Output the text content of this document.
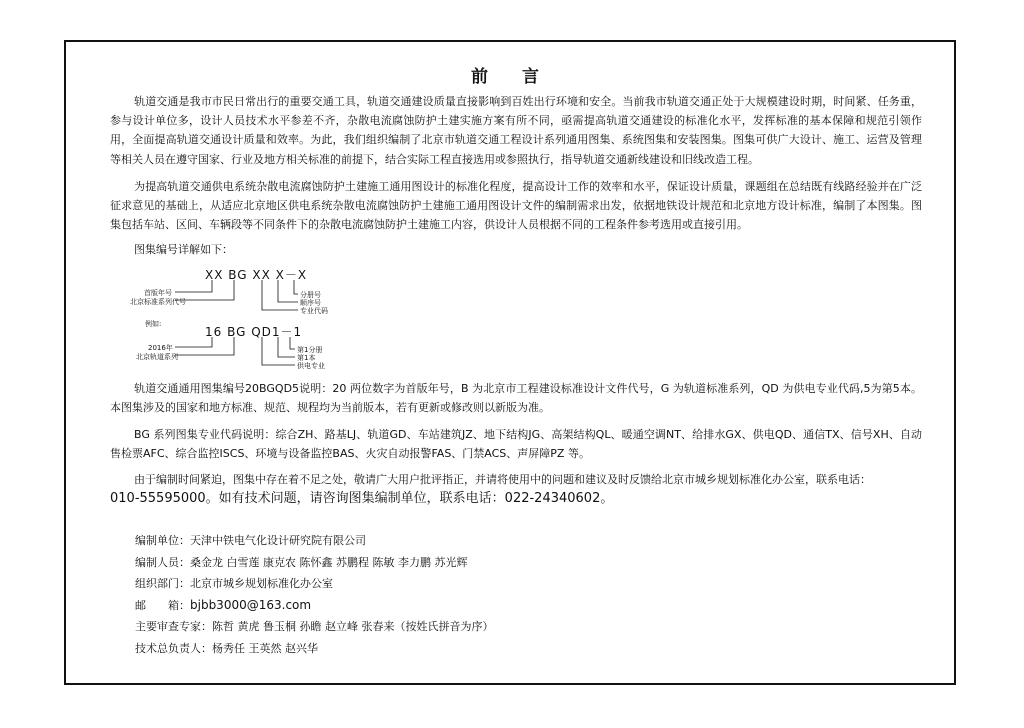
前 言

轨道交通是我市市民日常出行的重要交通工具，轨道交通建设质量直接影响到百姓出行环境和安全。当前我市轨道交通正处于大规模建设时期，时间紧、任务重，参与设计单位多，设计人员技术水平参差不齐，杂散电流腐蚀防护土建实施方案有所不同，亟需提高轨道交通建设的标准化水平，发挥标准的基本保障和规范引领作用，全面提高轨道交通设计质量和效率。为此，我们组织编制了北京市轨道交通工程设计系列通用图集、系统图集和安装图集。图集可供广大设计、施工、运营及管理等相关人员在遵守国家、行业及地方相关标准的前提下，结合实际工程直接选用或参照执行，指导轨道交通新线建设和旧线改造工程。

为提高轨道交通供电系统杂散电流腐蚀防护土建施工通用图设计的标准化程度，提高设计工作的效率和水平，保证设计质量，课题组在总结既有线路经验并在广泛征求意见的基础上，从适应北京地区供电系统杂散电流腐蚀防护土建施工通用图设计文件的编制需求出发，依据地铁设计规范和北京地方设计标准，编制了本图集。图集包括车站、区间、车辆段等不同条件下的杂散电流腐蚀防护土建施工内容，供设计人员根据不同的工程条件参考选用或直接引用。

图集编号详解如下：

XX BG XX X－X
首版年号
北京标准系列代号
分册号
顺序号
专业代码
例如:
16 BG QD1－1
2016年
北京轨道系列
第1分册
第1本
供电专业

轨道交通通用图集编号20BGQD5说明：20 两位数字为首版年号，B 为北京市工程建设标准设计文件代号，G 为轨道标准系列，QD 为供电专业代码,5为第5本。本图集涉及的国家和地方标准、规范、规程均为当前版本，若有更新或修改则以新版为准。

BG 系列图集专业代码说明：综合ZH、路基LJ、轨道GD、车站建筑JZ、地下结构JG、高架结构QL、暖通空调NT、给排水GX、供电QD、通信TX、信号XH、自动售检票AFC、综合监控ISCS、环境与设备监控BAS、火灾自动报警FAS、门禁ACS、声屏障PZ 等。

由于编制时间紧迫，图集中存在着不足之处，敬请广大用户批评指正，并请将使用中的问题和建议及时反馈给北京市城乡规划标准化办公室，联系电话：
010-55595000。如有技术问题，请咨询图集编制单位，联系电话：022-24340602。

编制单位：天津中铁电气化设计研究院有限公司
编制人员：桑金龙 白雪莲 康克农 陈怀鑫 苏鹏程 陈敏 李力鹏 苏光辉
组织部门：北京市城乡规划标准化办公室
邮　　箱：bjbb3000@163.com
主要审查专家：陈哲 黄虎 鲁玉桐 孙瞻 赵立峰 张春来（按姓氏拼音为序）
技术总负责人：杨秀任 王英然 赵兴华
